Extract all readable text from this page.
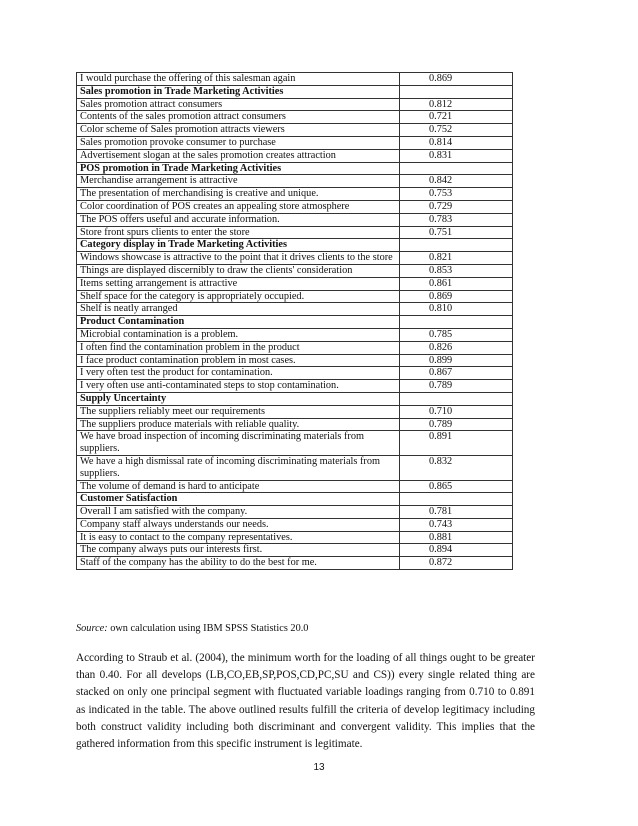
I would purchase the offering of this salesman again	0.869
Sales promotion in Trade Marketing Activities	
Sales promotion attract consumers	0.812
Contents of the sales promotion attract consumers	0.721
Color scheme of Sales promotion attracts viewers	0.752
Sales promotion provoke consumer to purchase	0.814
Advertisement slogan at the sales promotion creates attraction	0.831
POS promotion in Trade Marketing Activities	
Merchandise arrangement is attractive	0.842
The presentation of merchandising is creative and unique.	0.753
Color coordination of POS creates an appealing store atmosphere	0.729
The POS offers useful and accurate information.	0.783
Store front spurs clients to enter the store	0.751
Category display in Trade Marketing Activities	
Windows showcase is attractive to the point that it drives clients to the store	0.821
Things are displayed discernibly to draw the clients' consideration	0.853
Items setting arrangement is attractive	0.861
Shelf space for the category is appropriately occupied.	0.869
Shelf is neatly arranged	0.810
Product Contamination	
Microbial contamination is a problem.	0.785
I often find the contamination problem in the product	0.826
I face product contamination problem in most cases.	0.899
I very often test the product for contamination.	0.867
I very often use anti-contaminated steps to stop contamination.	0.789
Supply Uncertainty	
The suppliers reliably meet our requirements	0.710
The suppliers produce materials with reliable quality.	0.789
We have broad inspection of incoming discriminating materials from suppliers.	0.891
We have a high dismissal rate of incoming discriminating materials from suppliers.	0.832
The volume of demand is hard to anticipate	0.865
Customer Satisfaction	
Overall I am satisfied with the company.	0.781
Company staff always understands our needs.	0.743
It is easy to contact to the company representatives.	0.881
The company always puts our interests first.	0.894
Staff of the company has the ability to do the best for me.	0.872
Source: own calculation using IBM SPSS Statistics 20.0

According to Straub et al. (2004), the minimum worth for the loading of all things ought to be greater than 0.40. For all develops (LB,CO,EB,SP,POS,CD,PC,SU and CS)) every single related thing are stacked on only one principal segment with fluctuated variable loadings ranging from 0.710 to 0.891 as indicated in the table. The above outlined results fulfill the criteria of develop legitimacy including both construct validity including both discriminant and convergent validity. This implies that the gathered information from this specific instrument is legitimate.

13
